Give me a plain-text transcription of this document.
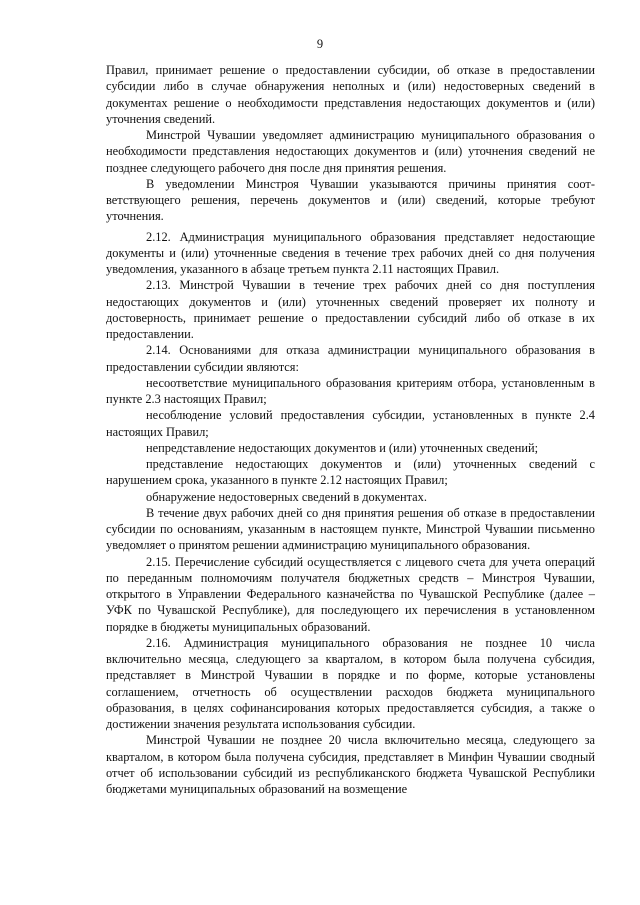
9

Правил, принимает решение о предоставлении субсидии, об отказе в предоставлении субсидии либо в случае обнаружения неполных и (или) недостоверных сведений в документах решение о необходимости представления недостающих документов и (или) уточнения сведений.

Минстрой Чувашии уведомляет администрацию муниципального образования о необходимости представления недостающих документов и (или) уточнения сведений не позднее следующего рабочего дня после дня принятия решения.

В уведомлении Минстроя Чувашии указываются причины принятия соответствующего решения, перечень документов и (или) сведений, которые требуют уточнения.

2.12. Администрация муниципального образования представляет недостающие документы и (или) уточненные сведения в течение трех рабочих дней со дня получения уведомления, указанного в абзаце третьем пункта 2.11 настоящих Правил.

2.13. Минстрой Чувашии в течение трех рабочих дней со дня поступления недостающих документов и (или) уточненных сведений проверяет их полноту и достоверность, принимает решение о предоставлении субсидий либо об отказе в их предоставлении.

2.14. Основаниями для отказа администрации муниципального образования в предоставлении субсидии являются:

несоответствие муниципального образования критериям отбора, установленным в пункте 2.3 настоящих Правил;

несоблюдение условий предоставления субсидии, установленных в пункте 2.4 настоящих Правил;

непредставление недостающих документов и (или) уточненных сведений;

представление недостающих документов и (или) уточненных сведений с нарушением срока, указанного в пункте 2.12 настоящих Правил;

обнаружение недостоверных сведений в документах.

В течение двух рабочих дней со дня принятия решения об отказе в предоставлении субсидии по основаниям, указанным в настоящем пункте, Минстрой Чувашии письменно уведомляет о принятом решении администрацию муниципального образования.

2.15. Перечисление субсидий осуществляется с лицевого счета для учета операций по переданным полномочиям получателя бюджетных средств – Минстроя Чувашии, открытого в Управлении Федерального казначейства по Чувашской Республике (далее – УФК по Чувашской Республике), для последующего их перечисления в установленном порядке в бюджеты муниципальных образований.

2.16. Администрация муниципального образования не позднее 10 числа включительно месяца, следующего за кварталом, в котором была получена субсидия, представляет в Минстрой Чувашии в порядке и по форме, которые установлены соглашением, отчетность об осуществлении расходов бюджета муниципального образования, в целях софинансирования которых предоставляется субсидия, а также о достижении значения результата использования субсидии.

Минстрой Чувашии не позднее 20 числа включительно месяца, следующего за кварталом, в котором была получена субсидия, представляет в Минфин Чувашии сводный отчет об использовании субсидий из республиканского бюджета Чувашской Республики бюджетами муниципальных образований на возмещение
